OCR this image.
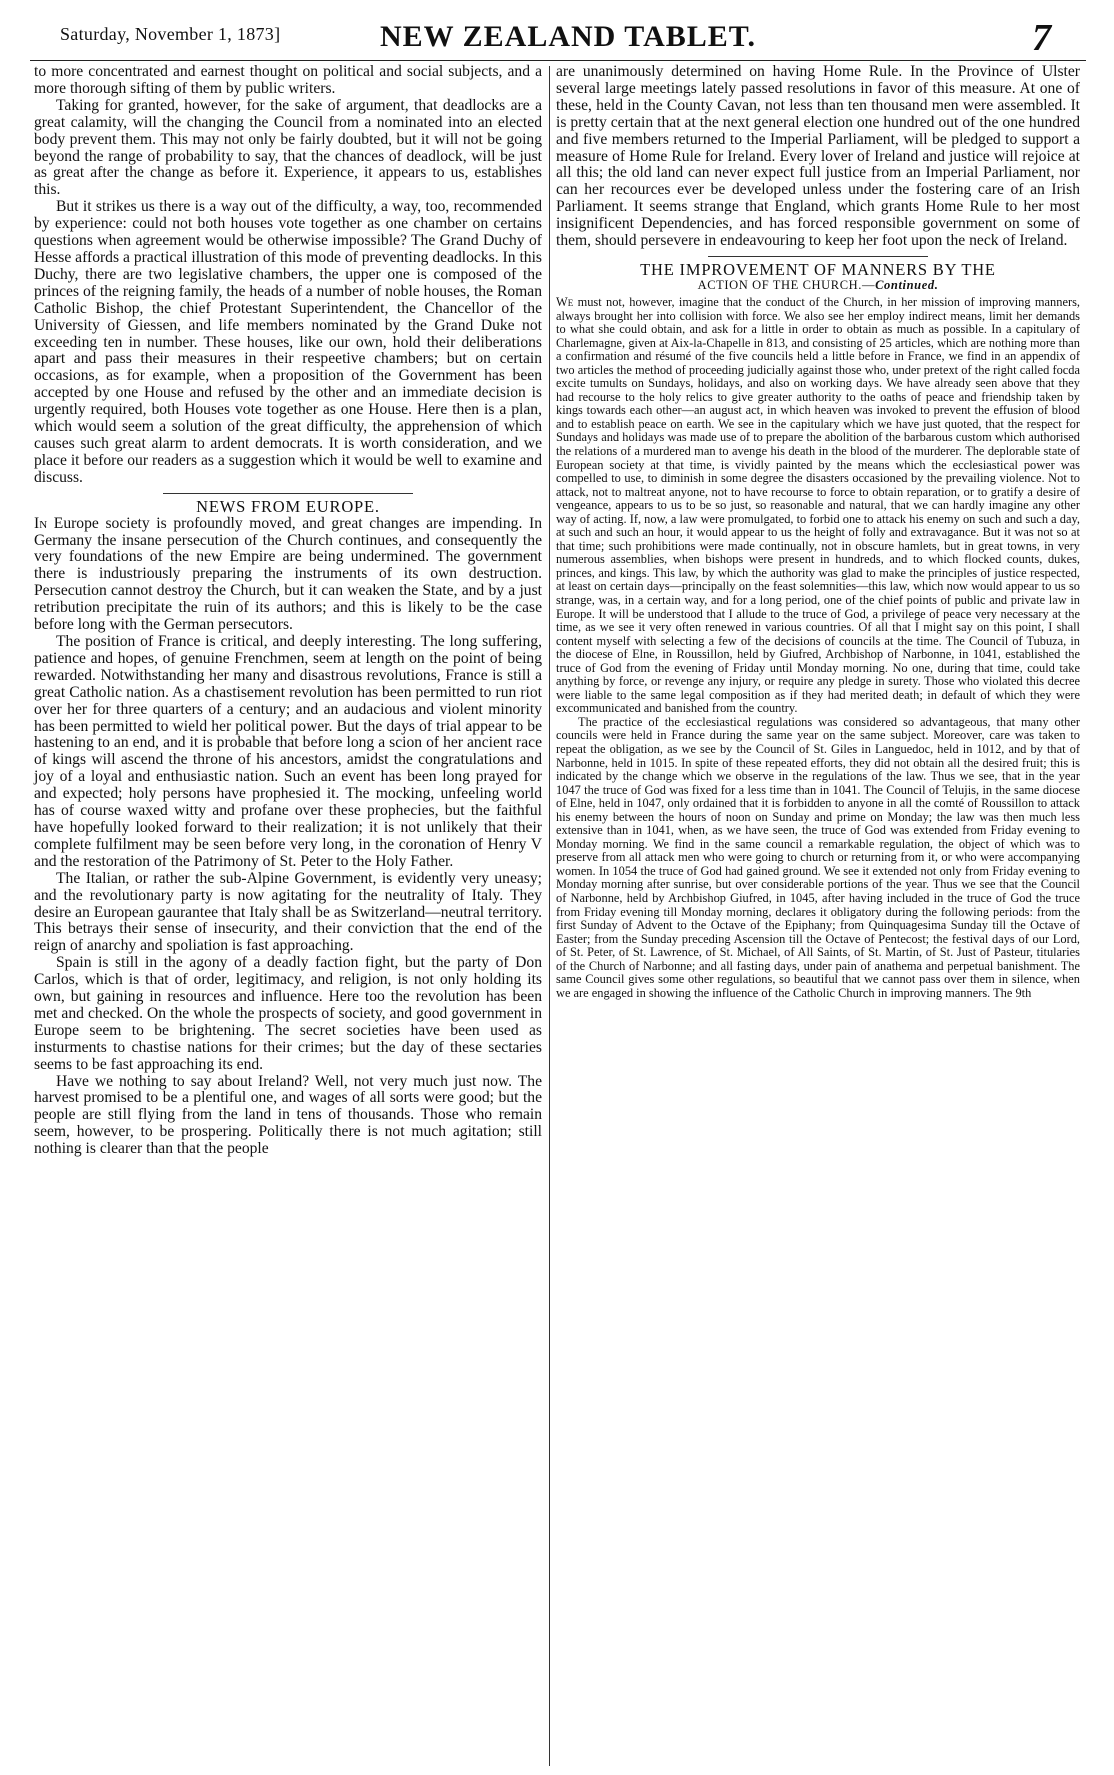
Saturday, November 1, 1873]	NEW ZEALAND TABLET.	7

to more concentrated and earnest thought on political and social subjects, and a more thorough sifting of them by public writers.

Taking for granted, however, for the sake of argument, that deadlocks are a great calamity, will the changing the Council from a nominated into an elected body prevent them. This may not only be fairly doubted, but it will not be going beyond the range of probability to say, that the chances of deadlock, will be just as great after the change as before it. Experience, it appears to us, establishes this.

But it strikes us there is a way out of the difficulty, a way, too, recommended by experience: could not both houses vote together as one chamber on certains questions when agreement would be otherwise impossible? The Grand Duchy of Hesse affords a practical illustration of this mode of preventing deadlocks. In this Duchy, there are two legislative chambers, the upper one is composed of the princes of the reigning family, the heads of a number of noble houses, the Roman Catholic Bishop, the chief Protestant Superintendent, the Chancellor of the University of Giessen, and life members nominated by the Grand Duke not exceeding ten in number. These houses, like our own, hold their deliberations apart and pass their measures in their respeetive chambers; but on certain occasions, as for example, when a proposition of the Government has been accepted by one House and refused by the other and an immediate decision is urgently required, both Houses vote together as one House. Here then is a plan, which would seem a solution of the great difficulty, the apprehension of which causes such great alarm to ardent democrats. It is worth consideration, and we place it before our readers as a suggestion which it would be well to examine and discuss.

NEWS FROM EUROPE.

In Europe society is profoundly moved, and great changes are impending. In Germany the insane persecution of the Church continues, and consequently the very foundations of the new Empire are being undermined. The government there is industriously preparing the instruments of its own destruction. Persecution cannot destroy the Church, but it can weaken the State, and by a just retribution precipitate the ruin of its authors; and this is likely to be the case before long with the German persecutors.

The position of France is critical, and deeply interesting. The long suffering, patience and hopes, of genuine Frenchmen, seem at length on the point of being rewarded. Notwithstanding her many and disastrous revolutions, France is still a great Catholic nation. As a chastisement revolution has been permitted to run riot over her for three quarters of a century; and an audacious and violent minority has been permitted to wield her political power. But the days of trial appear to be hastening to an end, and it is probable that before long a scion of her ancient race of kings will ascend the throne of his ancestors, amidst the congratulations and joy of a loyal and enthusiastic nation. Such an event has been long prayed for and expected; holy persons have prophesied it. The mocking, unfeeling world has of course waxed witty and profane over these prophecies, but the faithful have hopefully looked forward to their realization; it is not unlikely that their complete fulfilment may be seen before very long, in the coronation of Henry V and the restoration of the Patrimony of St. Peter to the Holy Father.

The Italian, or rather the sub-Alpine Government, is evidently very uneasy; and the revolutionary party is now agitating for the neutrality of Italy. They desire an European gaurantee that Italy shall be as Switzerland—neutral territory. This betrays their sense of insecurity, and their conviction that the end of the reign of anarchy and spoliation is fast approaching.

Spain is still in the agony of a deadly faction fight, but the party of Don Carlos, which is that of order, legitimacy, and religion, is not only holding its own, but gaining in resources and influence. Here too the revolution has been met and checked. On the whole the prospects of society, and good government in Europe seem to be brightening. The secret societies have been used as insturments to chastise nations for their crimes; but the day of these sectaries seems to be fast approaching its end.

Have we nothing to say about Ireland? Well, not very much just now. The harvest promised to be a plentiful one, and wages of all sorts were good; but the people are still flying from the land in tens of thousands. Those who remain seem, however, to be prospering. Politically there is not much agitation; still nothing is clearer than that the people

are unanimously determined on having Home Rule. In the Province of Ulster several large meetings lately passed resolutions in favor of this measure. At one of these, held in the County Cavan, not less than ten thousand men were assembled. It is pretty certain that at the next general election one hundred out of the one hundred and five members returned to the Imperial Parliament, will be pledged to support a measure of Home Rule for Ireland. Every lover of Ireland and justice will rejoice at all this; the old land can never expect full justice from an Imperial Parliament, nor can her recources ever be developed unless under the fostering care of an Irish Parliament. It seems strange that England, which grants Home Rule to her most insignificent Dependencies, and has forced responsible government on some of them, should persevere in endeavouring to keep her foot upon the neck of Ireland.

THE IMPROVEMENT OF MANNERS BY THE
ACTION OF THE CHURCH.—Continued.

We must not, however, imagine that the conduct of the Church, in her mission of improving manners, always brought her into collision with force. We also see her employ indirect means, limit her demands to what she could obtain, and ask for a little in order to obtain as much as possible. In a capitulary of Charlemagne, given at Aix-la-Chapelle in 813, and consisting of 25 articles, which are nothing more than a confirmation and résumé of the five councils held a little before in France, we find in an appendix of two articles the method of proceeding judicially against those who, under pretext of the right called focda excite tumults on Sundays, holidays, and also on working days. We have already seen above that they had recourse to the holy relics to give greater authority to the oaths of peace and friendship taken by kings towards each other—an august act, in which heaven was invoked to prevent the effusion of blood and to establish peace on earth. We see in the capitulary which we have just quoted, that the respect for Sundays and holidays was made use of to prepare the abolition of the barbarous custom which authorised the relations of a murdered man to avenge his death in the blood of the murderer. The deplorable state of European society at that time, is vividly painted by the means which the ecclesiastical power was compelled to use, to diminish in some degree the disasters occasioned by the prevailing violence. Not to attack, not to maltreat anyone, not to have recourse to force to obtain reparation, or to gratify a desire of vengeance, appears to us to be so just, so reasonable and natural, that we can hardly imagine any other way of acting. If, now, a law were promulgated, to forbid one to attack his enemy on such and such a day, at such and such an hour, it would appear to us the height of folly and extravagance. But it was not so at that time; such prohibitions were made continually, not in obscure hamlets, but in great towns, in very numerous assemblies, when bishops were present in hundreds, and to which flocked counts, dukes, princes, and kings. This law, by which the authority was glad to make the principles of justice respected, at least on certain days—principally on the feast solemnities—this law, which now would appear to us so strange, was, in a certain way, and for a long period, one of the chief points of public and private law in Europe. It will be understood that I allude to the truce of God, a privilege of peace very necessary at the time, as we see it very often renewed in various countries. Of all that I might say on this point, I shall content myself with selecting a few of the decisions of councils at the time. The Council of Tubuza, in the diocese of Elne, in Roussillon, held by Giufred, Archbishop of Narbonne, in 1041, established the truce of God from the evening of Friday until Monday morning. No one, during that time, could take anything by force, or revenge any injury, or require any pledge in surety. Those who violated this decree were liable to the same legal composition as if they had merited death; in default of which they were excommunicated and banished from the country.

The practice of the ecclesiastical regulations was considered so advantageous, that many other councils were held in France during the same year on the same subject. Moreover, care was taken to repeat the obligation, as we see by the Council of St. Giles in Languedoc, held in 1012, and by that of Narbonne, held in 1015. In spite of these repeated efforts, they did not obtain all the desired fruit; this is indicated by the change which we observe in the regulations of the law. Thus we see, that in the year 1047 the truce of God was fixed for a less time than in 1041. The Council of Telujis, in the same diocese of Elne, held in 1047, only ordained that it is forbidden to anyone in all the comté of Roussillon to attack his enemy between the hours of noon on Sunday and prime on Monday; the law was then much less extensive than in 1041, when, as we have seen, the truce of God was extended from Friday evening to Monday morning. We find in the same council a remarkable regulation, the object of which was to preserve from all attack men who were going to church or returning from it, or who were accompanying women. In 1054 the truce of God had gained ground. We see it extended not only from Friday evening to Monday morning after sunrise, but over considerable portions of the year. Thus we see that the Council of Narbonne, held by Archbishop Giufred, in 1045, after having included in the truce of God the truce from Friday evening till Monday morning, declares it obligatory during the following periods: from the first Sunday of Advent to the Octave of the Epiphany; from Quinquagesima Sunday till the Octave of Easter; from the Sunday preceding Ascension till the Octave of Pentecost; the festival days of our Lord, of St. Peter, of St. Lawrence, of St. Michael, of All Saints, of St. Martin, of St. Just of Pasteur, titularies of the Church of Narbonne; and all fasting days, under pain of anathema and perpetual banishment. The same Council gives some other regulations, so beautiful that we cannot pass over them in silence, when we are engaged in showing the influence of the Catholic Church in improving manners. The 9th
